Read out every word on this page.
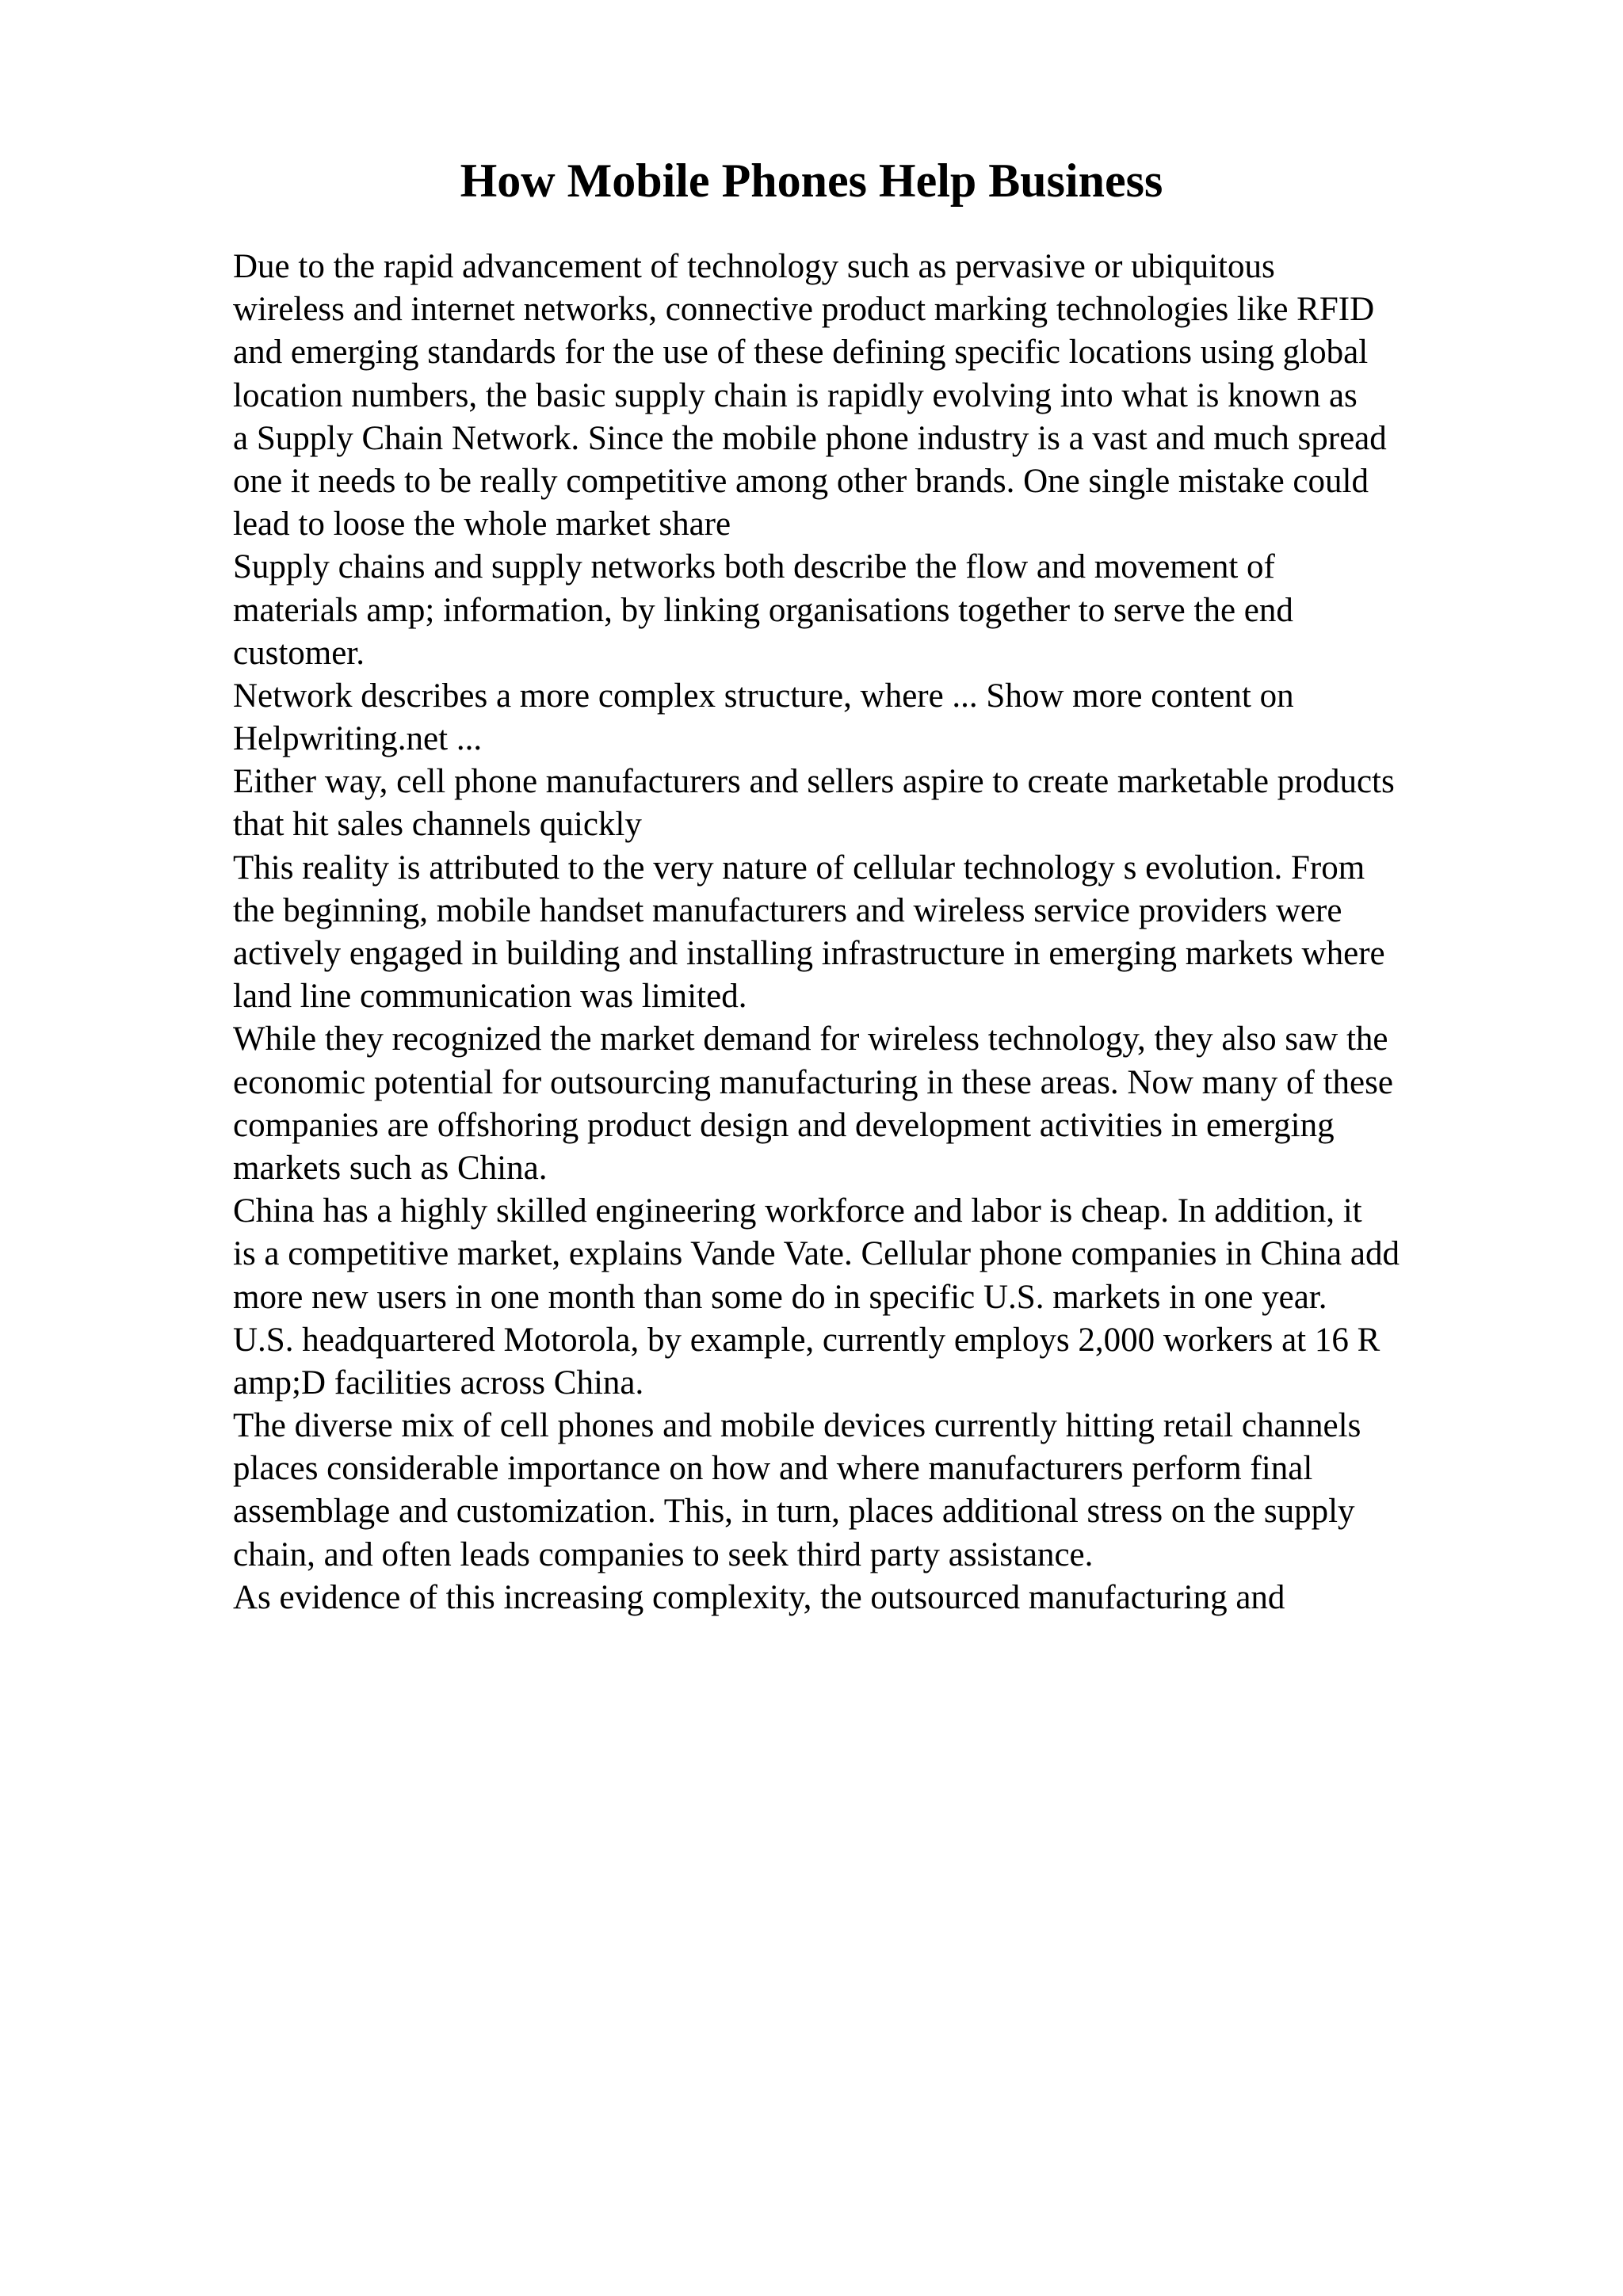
How Mobile Phones Help Business
Due to the rapid advancement of technology such as pervasive or ubiquitous
wireless and internet networks, connective product marking technologies like RFID
and emerging standards for the use of these defining specific locations using global
location numbers, the basic supply chain is rapidly evolving into what is known as
a Supply Chain Network. Since the mobile phone industry is a vast and much spread
one it needs to be really competitive among other brands. One single mistake could
lead to loose the whole market share
Supply chains and supply networks both describe the flow and movement of
materials amp; information, by linking organisations together to serve the end
customer.
Network describes a more complex structure, where ... Show more content on
Helpwriting.net ...
Either way, cell phone manufacturers and sellers aspire to create marketable products
that hit sales channels quickly
This reality is attributed to the very nature of cellular technology s evolution. From
the beginning, mobile handset manufacturers and wireless service providers were
actively engaged in building and installing infrastructure in emerging markets where
land line communication was limited.
While they recognized the market demand for wireless technology, they also saw the
economic potential for outsourcing manufacturing in these areas. Now many of these
companies are offshoring product design and development activities in emerging
markets such as China.
China has a highly skilled engineering workforce and labor is cheap. In addition, it
is a competitive market, explains Vande Vate. Cellular phone companies in China add
more new users in one month than some do in specific U.S. markets in one year.
U.S. headquartered Motorola, by example, currently employs 2,000 workers at 16 R
amp;D facilities across China.
The diverse mix of cell phones and mobile devices currently hitting retail channels
places considerable importance on how and where manufacturers perform final
assemblage and customization. This, in turn, places additional stress on the supply
chain, and often leads companies to seek third party assistance.
As evidence of this increasing complexity, the outsourced manufacturing and
